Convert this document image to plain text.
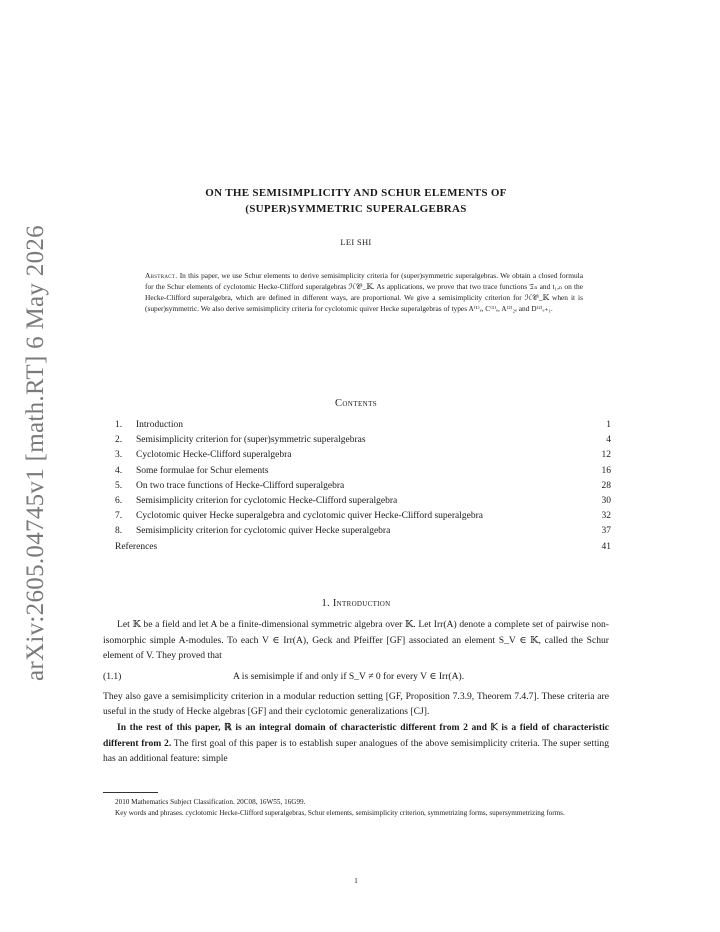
arXiv:2605.04745v1 [math.RT] 6 May 2026
ON THE SEMISIMPLICITY AND SCHUR ELEMENTS OF
(SUPER)SYMMETRIC SUPERALGEBRAS
LEI SHI
Abstract. In this paper, we use Schur elements to derive semisimplicity criteria for (super)symmetric superalgebras. We obtain a closed formula for the Schur elements of cyclotomic Hecke-Clifford superalgebras ℋ𝒞ᶠ_𝕂. As applications, we prove that two trace functions 𝔗ₙ and t₁,ₙ on the Hecke-Clifford superalgebra, which are defined in different ways, are proportional. We give a semisimplicity criterion for ℋ𝒞ᶠ_𝕂 when it is (super)symmetric. We also derive semisimplicity criteria for cyclotomic quiver Hecke superalgebras of types A⁽¹⁾ₑ, C⁽¹⁾ₑ, A⁽²⁾₂ₑ and D⁽²⁾ₑ₊₁.
Contents
1.	Introduction	1
2.	Semisimplicity criterion for (super)symmetric superalgebras	4
3.	Cyclotomic Hecke-Clifford superalgebra	12
4.	Some formulae for Schur elements	16
5.	On two trace functions of Hecke-Clifford superalgebra	28
6.	Semisimplicity criterion for cyclotomic Hecke-Clifford superalgebra	30
7.	Cyclotomic quiver Hecke superalgebra and cyclotomic quiver Hecke-Clifford superalgebra	32
8.	Semisimplicity criterion for cyclotomic quiver Hecke superalgebra	37
References	41
1. Introduction

Let 𝕂 be a field and let A be a finite-dimensional symmetric algebra over 𝕂. Let Irr(A) denote a complete set of pairwise non-isomorphic simple A-modules. To each V ∈ Irr(A), Geck and Pfeiffer [GF] associated an element S_V ∈ 𝕂, called the Schur element of V. They proved that

(1.1)	A is semisimple if and only if S_V ≠ 0 for every V ∈ Irr(A).

They also gave a semisimplicity criterion in a modular reduction setting [GF, Proposition 7.3.9, Theorem 7.4.7]. These criteria are useful in the study of Hecke algebras [GF] and their cyclotomic generalizations [CJ].

In the rest of this paper, ℝ is an integral domain of characteristic different from 2 and 𝕂 is a field of characteristic different from 2. The first goal of this paper is to establish super analogues of the above semisimplicity criteria. The super setting has an additional feature: simple

2010 Mathematics Subject Classification. 20C08, 16W55, 16G99.

Key words and phrases. cyclotomic Hecke-Clifford superalgebras, Schur elements, semisimplicity criterion, symmetrizing forms, supersymmetrizing forms.

1
